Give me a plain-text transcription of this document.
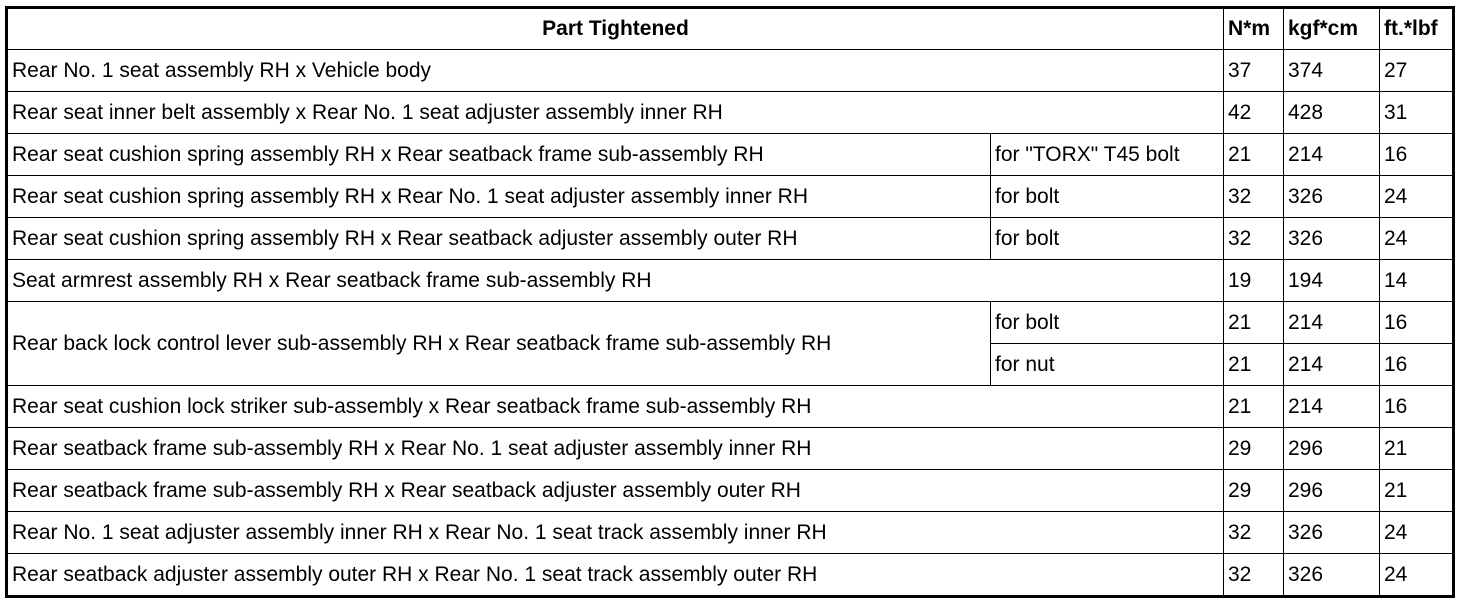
Part Tightened		N*m	kgf*cm	ft.*lbf
Rear No. 1 seat assembly RH x Vehicle body		37	374	27
Rear seat inner belt assembly x Rear No. 1 seat adjuster assembly inner RH		42	428	31
Rear seat cushion spring assembly RH x Rear seatback frame sub-assembly RH	for "TORX" T45 bolt	21	214	16
Rear seat cushion spring assembly RH x Rear No. 1 seat adjuster assembly inner RH	for bolt	32	326	24
Rear seat cushion spring assembly RH x Rear seatback adjuster assembly outer RH	for bolt	32	326	24
Seat armrest assembly RH x Rear seatback frame sub-assembly RH		19	194	14
Rear back lock control lever sub-assembly RH x Rear seatback frame sub-assembly RH	for bolt	21	214	16
	for nut	21	214	16
Rear seat cushion lock striker sub-assembly x Rear seatback frame sub-assembly RH		21	214	16
Rear seatback frame sub-assembly RH x Rear No. 1 seat adjuster assembly inner RH		29	296	21
Rear seatback frame sub-assembly RH x Rear seatback adjuster assembly outer RH		29	296	21
Rear No. 1 seat adjuster assembly inner RH x Rear No. 1 seat track assembly inner RH		32	326	24
Rear seatback adjuster assembly outer RH x Rear No. 1 seat track assembly outer RH		32	326	24
